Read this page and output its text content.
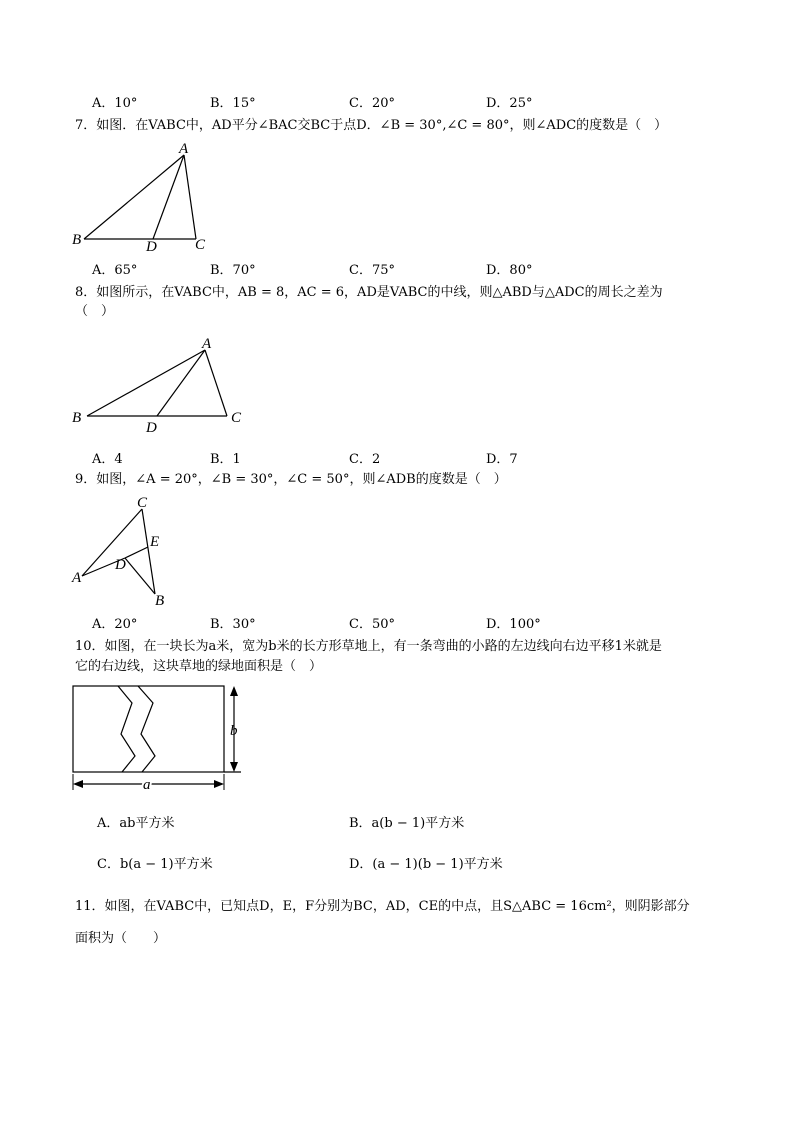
A．10°	B．15°	C．20°	D．25°
7．如图．在VABC中，AD平分∠BAC交BC于点D．∠B = 30°,∠C = 80°，则∠ADC的度数是（　）
A
B	C
D
A．65°	B．70°	C．75°	D．80°
8．如图所示，在VABC中，AB = 8，AC = 6，AD是VABC的中线，则△ABD与△ADC的周长之差为
（　）
A
B	C
D
A．4	B．1	C．2	D．7
9．如图，∠A = 20°，∠B = 30°，∠C = 50°，则∠ADB的度数是（　）
C
E
D
A
B
A．20°	B．30°	C．50°	D．100°
10．如图，在一块长为a米，宽为b米的长方形草地上，有一条弯曲的小路的左边线向右边平移1米就是
它的右边线，这块草地的绿地面积是（　）
b
a
A．ab平方米	B．a(b − 1)平方米
C．b(a − 1)平方米	D．(a − 1)(b − 1)平方米
11．如图，在VABC中，已知点D，E，F分别为BC，AD，CE的中点，且S△ABC = 16cm²，则阴影部分
面积为（　　）
